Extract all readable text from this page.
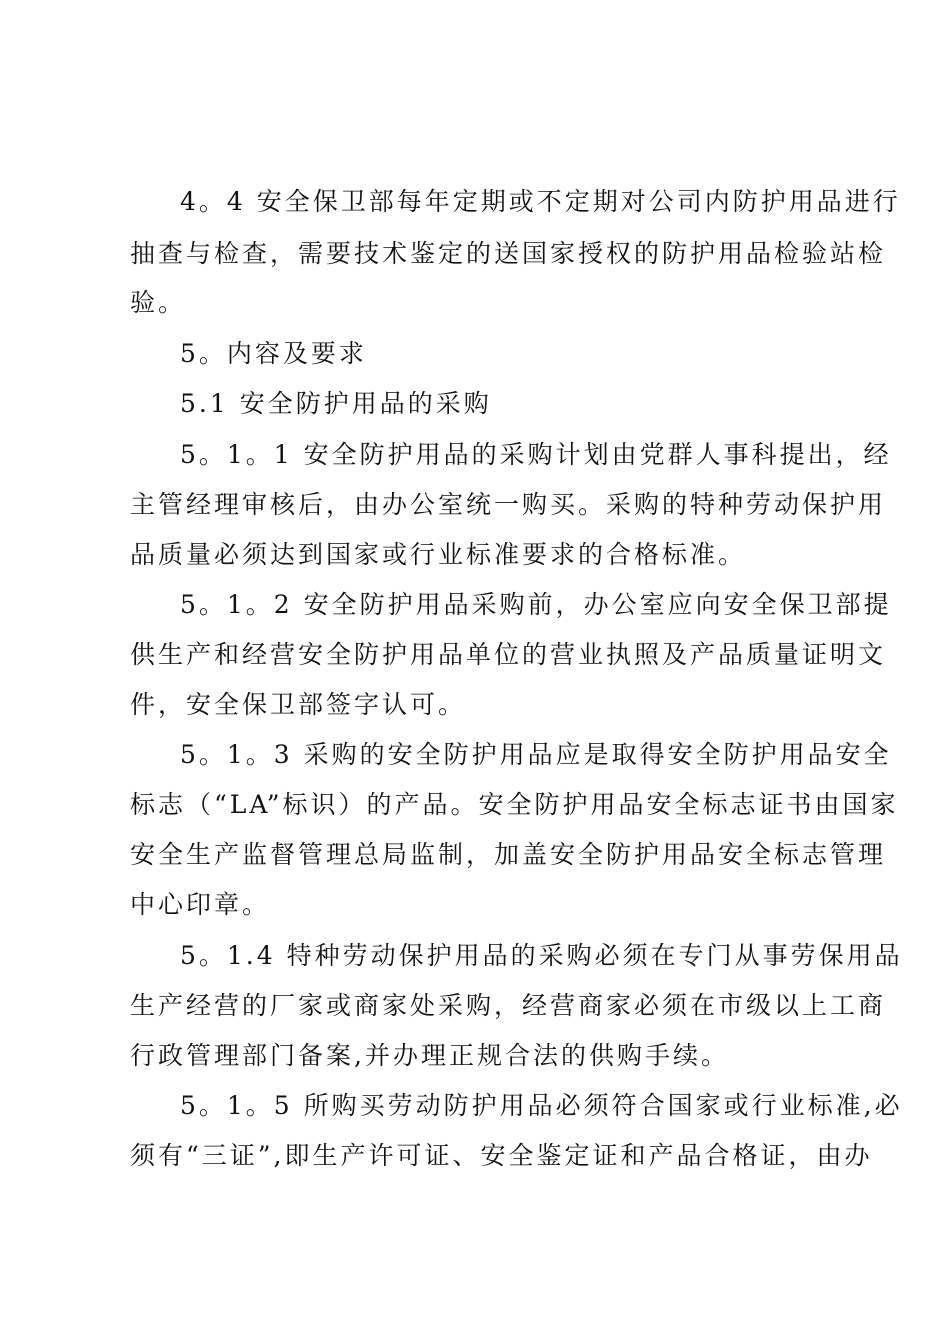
4。4 安全保卫部每年定期或不定期对公司内防护用品进行
抽查与检查，需要技术鉴定的送国家授权的防护用品检验站检
验。
5。内容及要求
5.1 安全防护用品的采购
5。1。1 安全防护用品的采购计划由党群人事科提出，经
主管经理审核后，由办公室统一购买。采购的特种劳动保护用
品质量必须达到国家或行业标准要求的合格标准。
5。1。2 安全防护用品采购前，办公室应向安全保卫部提
供生产和经营安全防护用品单位的营业执照及产品质量证明文
件，安全保卫部签字认可。
5。1。3 采购的安全防护用品应是取得安全防护用品安全
标志（“LA”标识）的产品。安全防护用品安全标志证书由国家
安全生产监督管理总局监制，加盖安全防护用品安全标志管理
中心印章。
5。1.4 特种劳动保护用品的采购必须在专门从事劳保用品
生产经营的厂家或商家处采购，经营商家必须在市级以上工商
行政管理部门备案,并办理正规合法的供购手续。
5。1。5 所购买劳动防护用品必须符合国家或行业标准,必
须有“三证”,即生产许可证、安全鉴定证和产品合格证，由办
